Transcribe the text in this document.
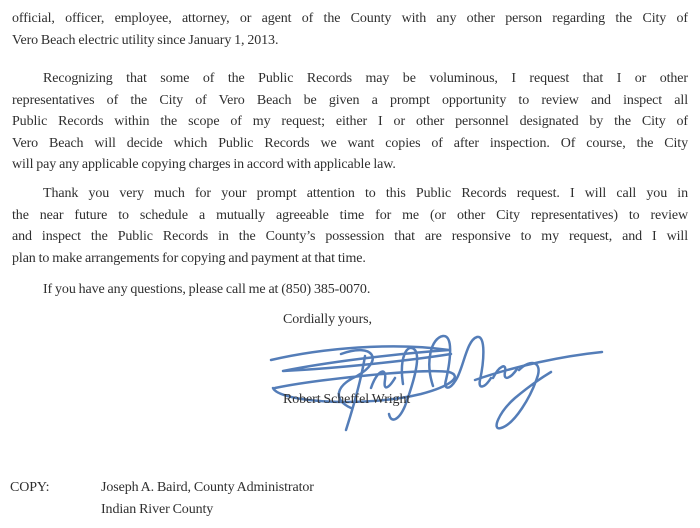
official, officer, employee, attorney, or agent of the County with any other person regarding the City of
Vero Beach electric utility since January 1, 2013.
Recognizing that some of the Public Records may be voluminous, I request that I or other
representatives of the City of Vero Beach be given a prompt opportunity to review and inspect all
Public Records within the scope of my request; either I or other personnel designated by the City of
Vero Beach will decide which Public Records we want copies of after inspection. Of course, the City
will pay any applicable copying charges in accord with applicable law.
Thank you very much for your prompt attention to this Public Records request. I will call you in
the near future to schedule a mutually agreeable time for me (or other City representatives) to review
and inspect the Public Records in the County’s possession that are responsive to my request, and I will
plan to make arrangements for copying and payment at that time.
If you have any questions, please call me at (850) 385-0070.
Cordially yours,
Robert Scheffel Wright
COPY:	Joseph A. Baird, County Administrator
Indian River County
